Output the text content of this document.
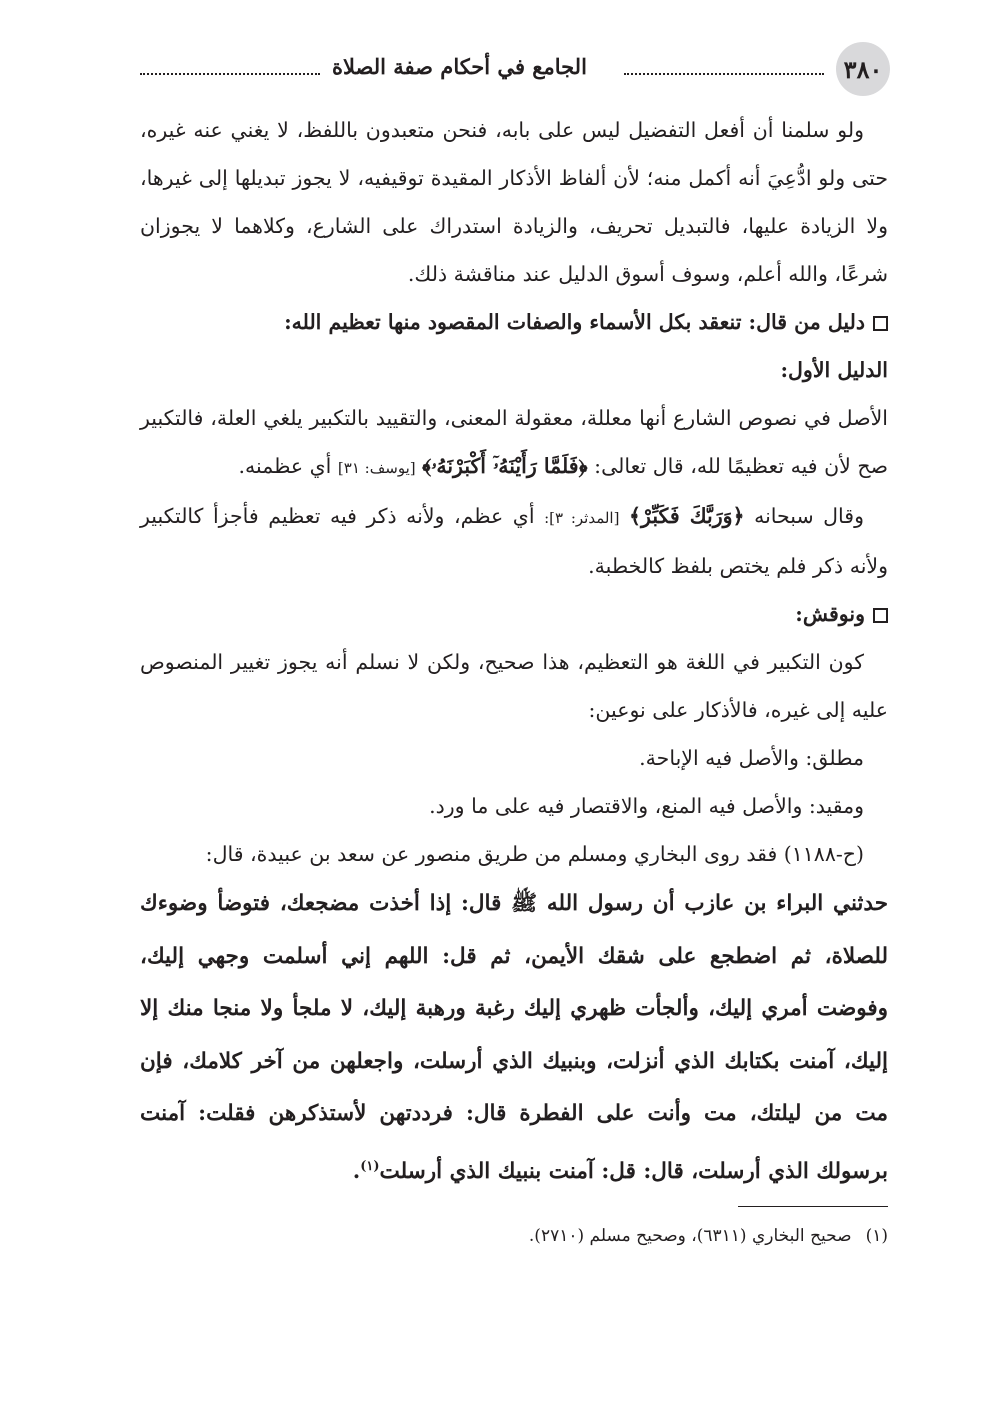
الجامع في أحكام صفة الصلاة	٣٨٠

ولو سلمنا أن أفعل التفضيل ليس على بابه، فنحن متعبدون باللفظ، لا يغني عنه غيره، حتى ولو ادُّعِيَ أنه أكمل منه؛ لأن ألفاظ الأذكار المقيدة توقيفيه، لا يجوز تبديلها إلى غيرها، ولا الزيادة عليها، فالتبديل تحريف، والزيادة استدراك على الشارع، وكلاهما لا يجوزان شرعًا، والله أعلم، وسوف أسوق الدليل عند مناقشة ذلك.

دليل من قال: تنعقد بكل الأسماء والصفات المقصود منها تعظيم الله:

الدليل الأول:

الأصل في نصوص الشارع أنها معللة، معقولة المعنى، والتقييد بالتكبير يلغي العلة، فالتكبير صح لأن فيه تعظيمًا لله، قال تعالى: ﴿فَلَمَّا رَأَيْنَهُۥٓ أَكْبَرْنَهُۥ﴾ [يوسف: ٣١] أي عظمنه.

وقال سبحانه ﴿وَرَبَّكَ فَكَبِّرْ﴾ [المدثر: ٣]: أي عظم، ولأنه ذكر فيه تعظيم فأجزأ كالتكبير ولأنه ذكر فلم يختص بلفظ كالخطبة.

ونوقش:

كون التكبير في اللغة هو التعظيم، هذا صحيح، ولكن لا نسلم أنه يجوز تغيير المنصوص عليه إلى غيره، فالأذكار على نوعين:

مطلق: والأصل فيه الإباحة.

ومقيد: والأصل فيه المنع، والاقتصار فيه على ما ورد.

(ح-١١٨٨) فقد روى البخاري ومسلم من طريق منصور عن سعد بن عبيدة، قال:

حدثني البراء بن عازب أن رسول الله ﷺ قال: إذا أخذت مضجعك، فتوضأ وضوءك للصلاة، ثم اضطجع على شقك الأيمن، ثم قل: اللهم إني أسلمت وجهي إليك، وفوضت أمري إليك، وألجأت ظهري إليك رغبة ورهبة إليك، لا ملجأ ولا منجا منك إلا إليك، آمنت بكتابك الذي أنزلت، وبنبيك الذي أرسلت، واجعلهن من آخر كلامك، فإن مت من ليلتك، مت وأنت على الفطرة قال: فرددتهن لأستذكرهن فقلت: آمنت برسولك الذي أرسلت، قال: قل: آمنت بنبيك الذي أرسلت$^{(١)}$.

(١)صحيح البخاري (٦٣١١)، وصحيح مسلم (٢٧١٠).
